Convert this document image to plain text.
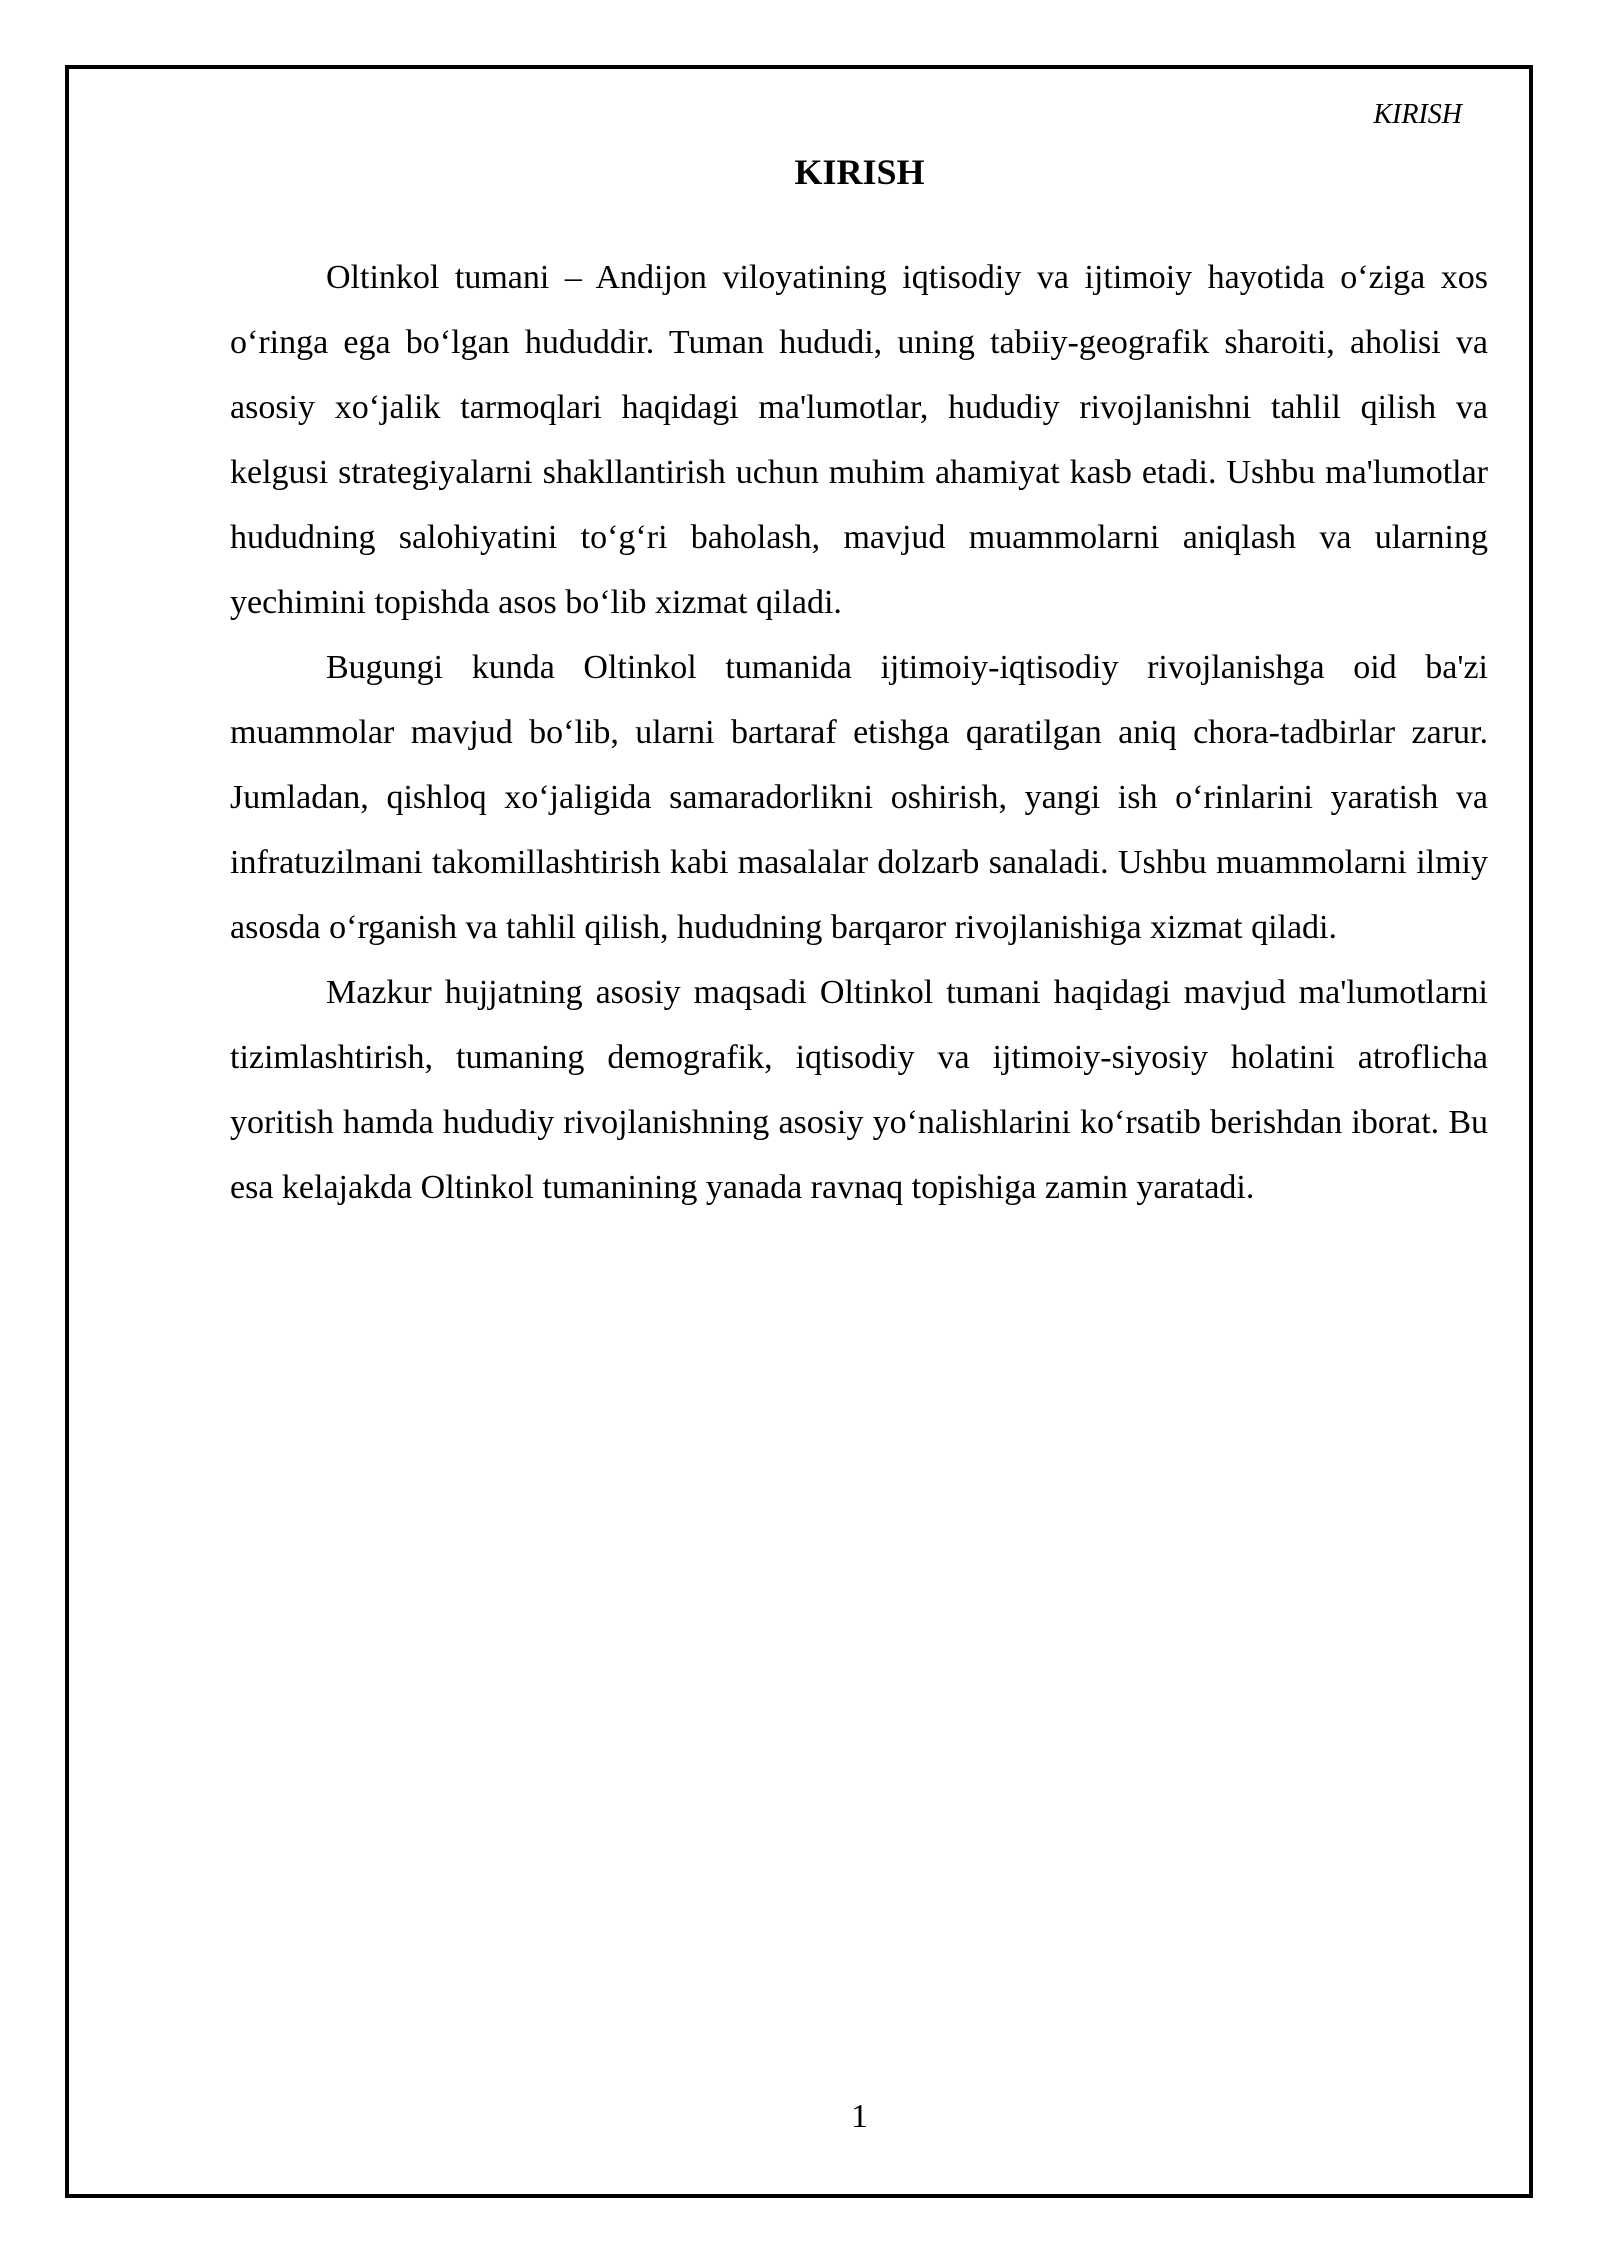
KIRISH
KIRISH

Oltinkol tumani – Andijon viloyatining iqtisodiy va ijtimoiy hayotida o‘ziga xos o‘ringa ega bo‘lgan hududdir. Tuman hududi, uning tabiiy-geografik sharoiti, aholisi va asosiy xo‘jalik tarmoqlari haqidagi ma'lumotlar, hududiy rivojlanishni tahlil qilish va kelgusi strategiyalarni shakllantirish uchun muhim ahamiyat kasb etadi. Ushbu ma'lumotlar hududning salohiyatini to‘g‘ri baholash, mavjud muammolarni aniqlash va ularning yechimini topishda asos bo‘lib xizmat qiladi.

Bugungi kunda Oltinkol tumanida ijtimoiy-iqtisodiy rivojlanishga oid ba'zi muammolar mavjud bo‘lib, ularni bartaraf etishga qaratilgan aniq chora-tadbirlar zarur. Jumladan, qishloq xo‘jaligida samaradorlikni oshirish, yangi ish o‘rinlarini yaratish va infratuzilmani takomillashtirish kabi masalalar dolzarb sanaladi. Ushbu muammolarni ilmiy asosda o‘rganish va tahlil qilish, hududning barqaror rivojlanishiga xizmat qiladi.

Mazkur hujjatning asosiy maqsadi Oltinkol tumani haqidagi mavjud ma'lumotlarni tizimlashtirish, tumaning demografik, iqtisodiy va ijtimoiy-siyosiy holatini atroflicha yoritish hamda hududiy rivojlanishning asosiy yo‘nalishlarini ko‘rsatib berishdan iborat. Bu esa kelajakda Oltinkol tumanining yanada ravnaq topishiga zamin yaratadi.

1
